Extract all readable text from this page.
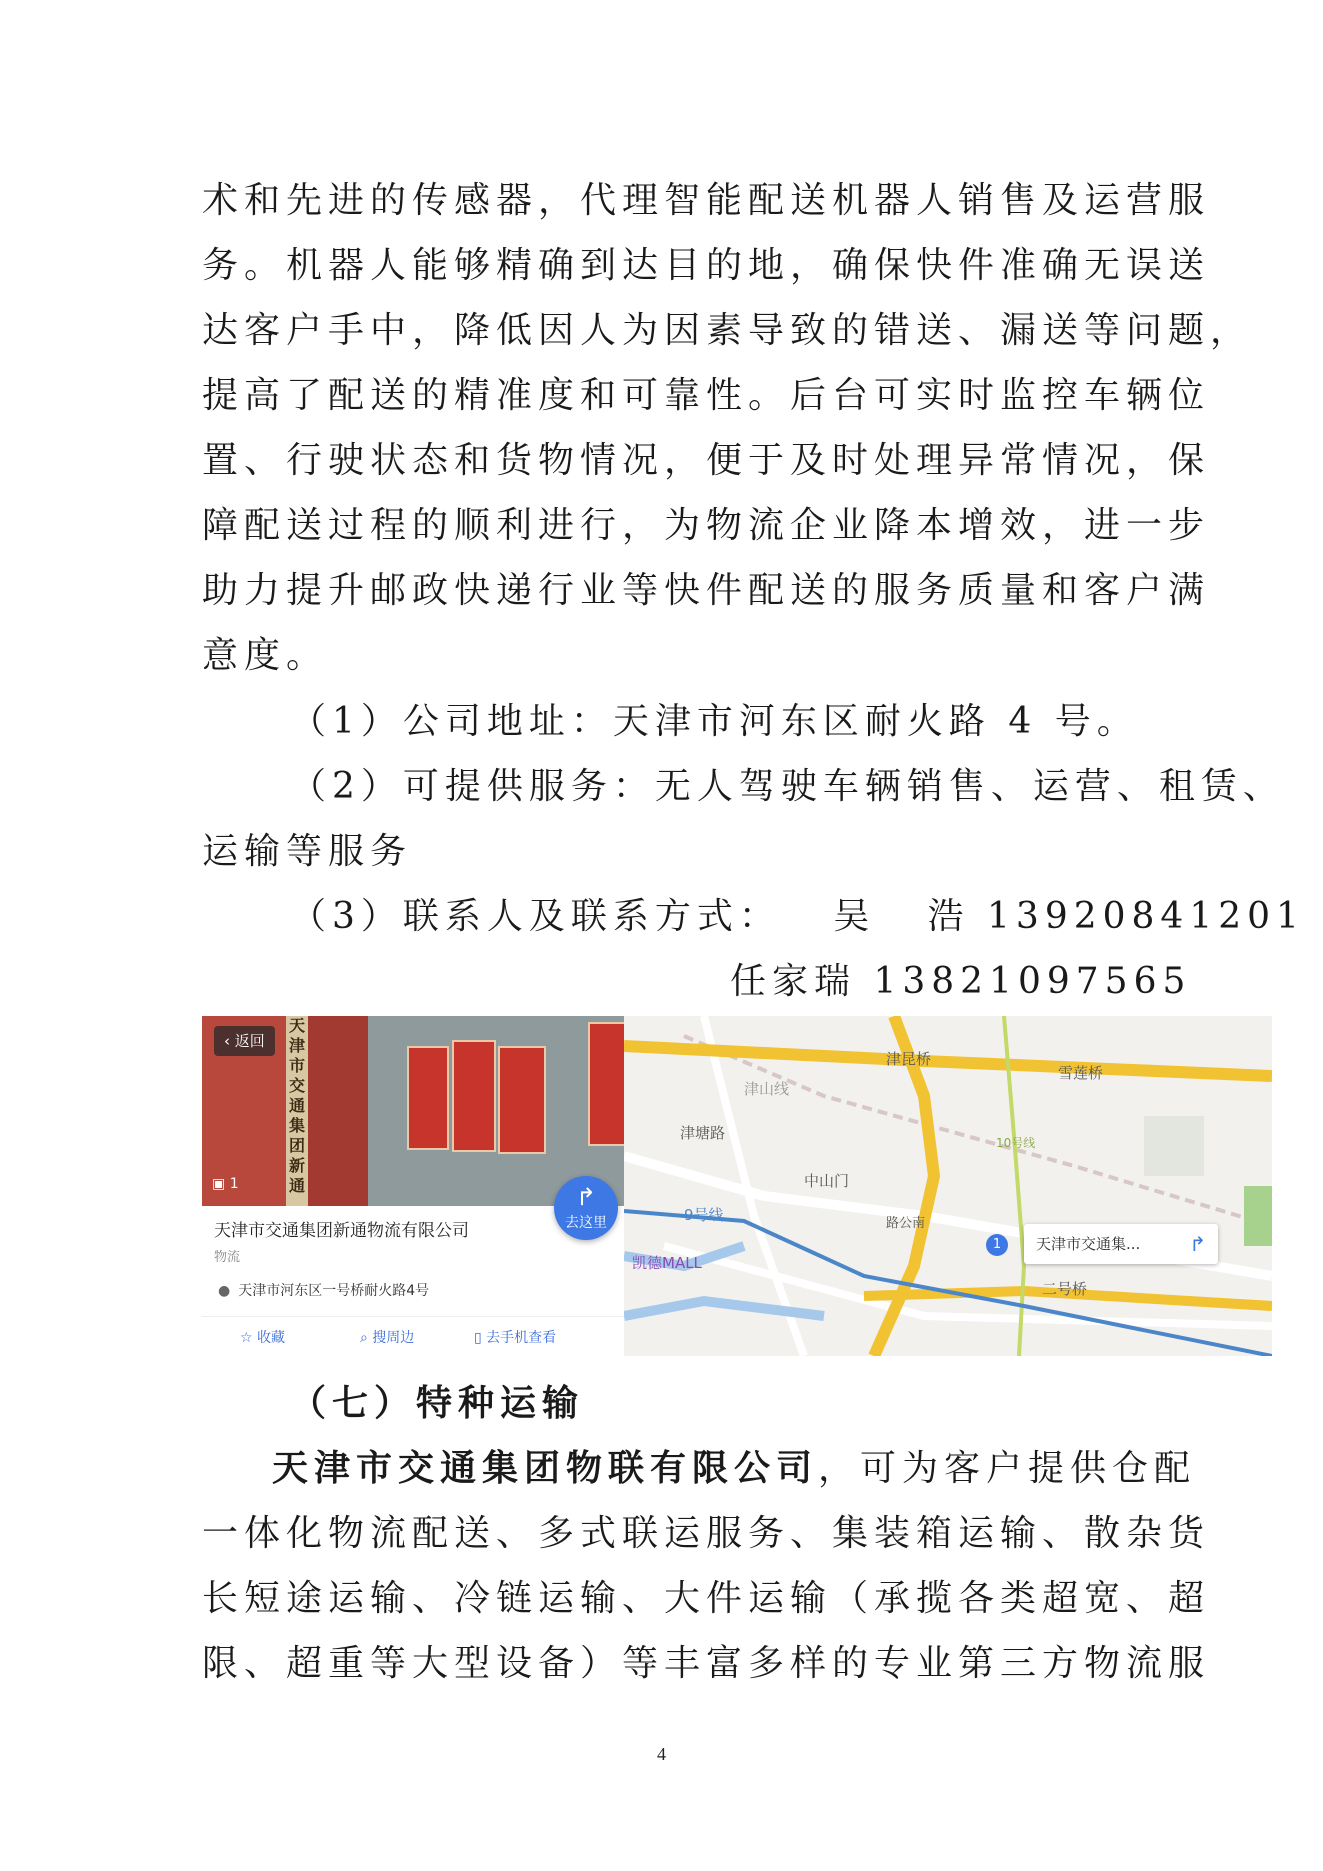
术和先进的传感器，代理智能配送机器人销售及运营服
务。机器人能够精确到达目的地，确保快件准确无误送
达客户手中，降低因人为因素导致的错送、漏送等问题，
提高了配送的精准度和可靠性。后台可实时监控车辆位
置、行驶状态和货物情况，便于及时处理异常情况，保
障配送过程的顺利进行，为物流企业降本增效，进一步
助力提升邮政快递行业等快件配送的服务质量和客户满
意度。
（1）公司地址：天津市河东区耐火路 4 号。
（2）可提供服务：无人驾驶车辆销售、运营、租赁、
运输等服务
（3）联系人及联系方式：   吴   浩 13920841201
任家瑞 13821097565
天
津
市
交
通
集
团
新
通
‹ 返回
▣ 1	↱
去这里
天津市交通集团新通物流有限公司
物流
● 天津市河东区一号桥耐火路4号
☆ 收藏	⌕ 搜周边	▯ 去手机查看
津昆桥
雪莲桥
津山线
津塘路
中山门
9号线
凯德MALL
二号桥
路公南
10号线
1	天津市交通集... ↱
（七）特种运输
天津市交通集团物联有限公司，可为客户提供仓配
一体化物流配送、多式联运服务、集装箱运输、散杂货
长短途运输、冷链运输、大件运输（承揽各类超宽、超
限、超重等大型设备）等丰富多样的专业第三方物流服
4
